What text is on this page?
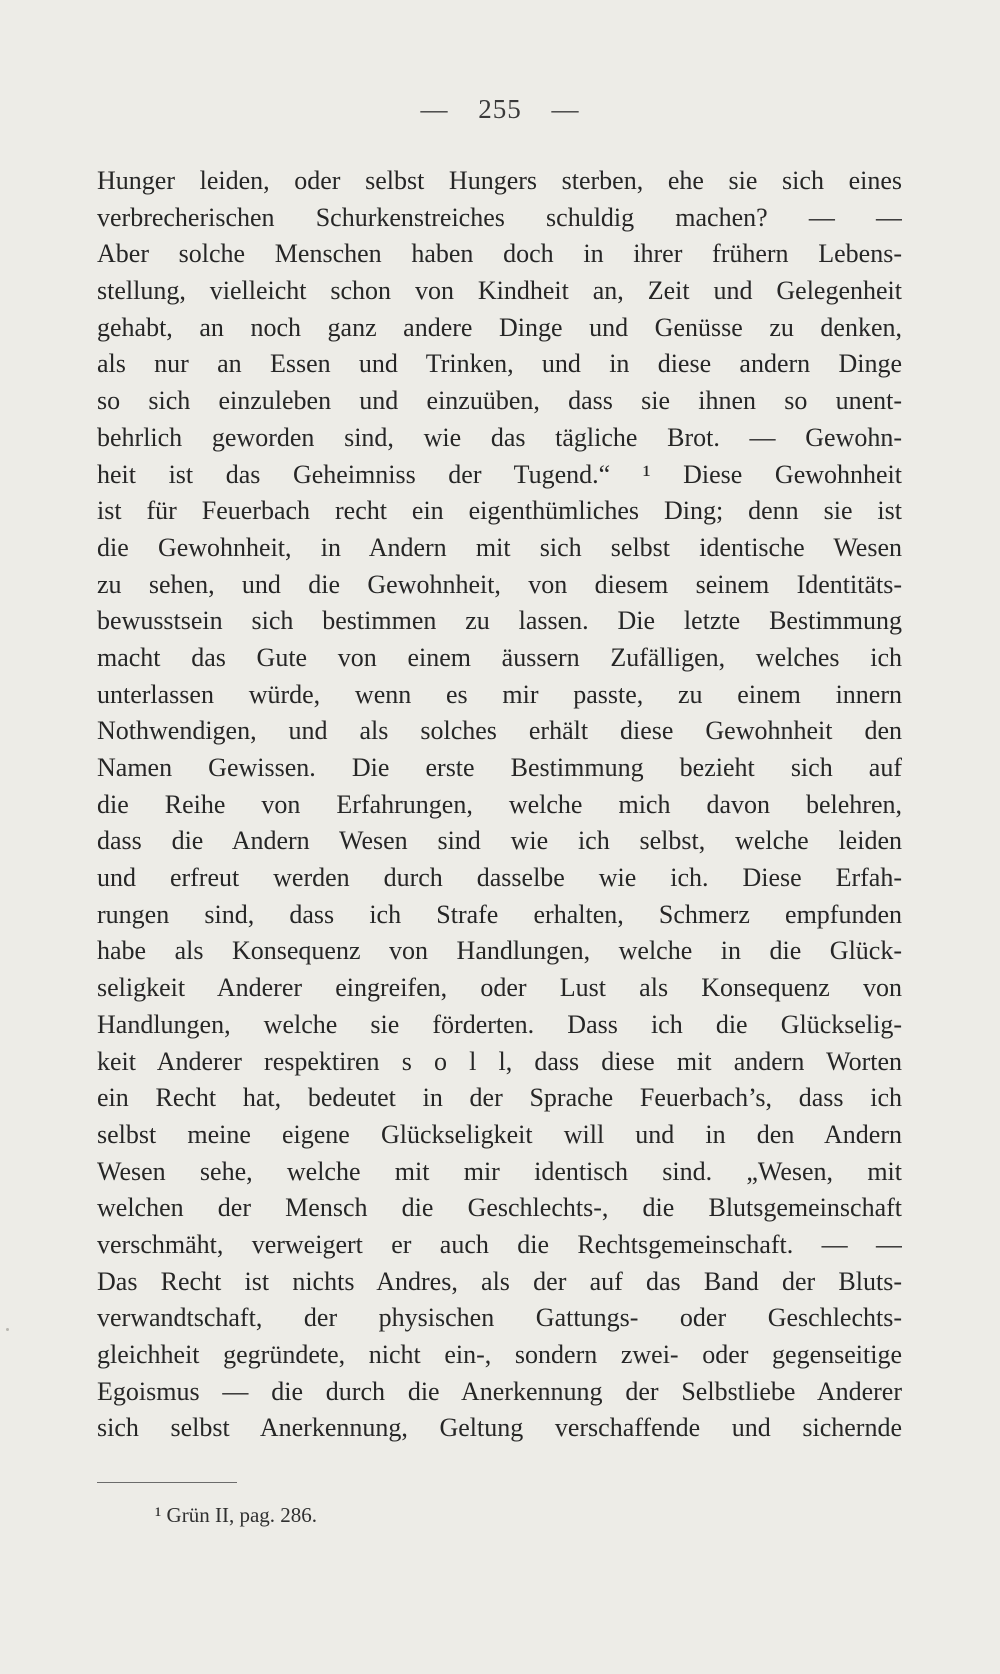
— 255 —
Hunger leiden, oder selbst Hungers sterben, ehe sie sich eines
verbrecherischen Schurkenstreiches schuldig machen? — —
Aber solche Menschen haben doch in ihrer frühern Lebens-
stellung, vielleicht schon von Kindheit an, Zeit und Gelegenheit
gehabt, an noch ganz andere Dinge und Genüsse zu denken,
als nur an Essen und Trinken, und in diese andern Dinge
so sich einzuleben und einzuüben, dass sie ihnen so unent-
behrlich geworden sind, wie das tägliche Brot. — Gewohn-
heit ist das Geheimniss der Tugend.“ ¹ Diese Gewohnheit
ist für Feuerbach recht ein eigenthümliches Ding; denn sie ist
die Gewohnheit, in Andern mit sich selbst identische Wesen
zu sehen, und die Gewohnheit, von diesem seinem Identitäts-
bewusstsein sich bestimmen zu lassen. Die letzte Bestimmung
macht das Gute von einem äussern Zufälligen, welches ich
unterlassen würde, wenn es mir passte, zu einem innern
Nothwendigen, und als solches erhält diese Gewohnheit den
Namen Gewissen. Die erste Bestimmung bezieht sich auf
die Reihe von Erfahrungen, welche mich davon belehren,
dass die Andern Wesen sind wie ich selbst, welche leiden
und erfreut werden durch dasselbe wie ich. Diese Erfah-
rungen sind, dass ich Strafe erhalten, Schmerz empfunden
habe als Konsequenz von Handlungen, welche in die Glück-
seligkeit Anderer eingreifen, oder Lust als Konsequenz von
Handlungen, welche sie förderten. Dass ich die Glückselig-
keit Anderer respektiren s o l l, dass diese mit andern Worten
ein Recht hat, bedeutet in der Sprache Feuerbach’s, dass ich
selbst meine eigene Glückseligkeit will und in den Andern
Wesen sehe, welche mit mir identisch sind. „Wesen, mit
welchen der Mensch die Geschlechts-, die Blutsgemeinschaft
verschmäht, verweigert er auch die Rechtsgemeinschaft. — —
Das Recht ist nichts Andres, als der auf das Band der Bluts-
verwandtschaft, der physischen Gattungs- oder Geschlechts-
gleichheit gegründete, nicht ein-, sondern zwei- oder gegenseitige
Egoismus — die durch die Anerkennung der Selbstliebe Anderer
sich selbst Anerkennung, Geltung verschaffende und sichernde
¹ Grün II, pag. 286.
